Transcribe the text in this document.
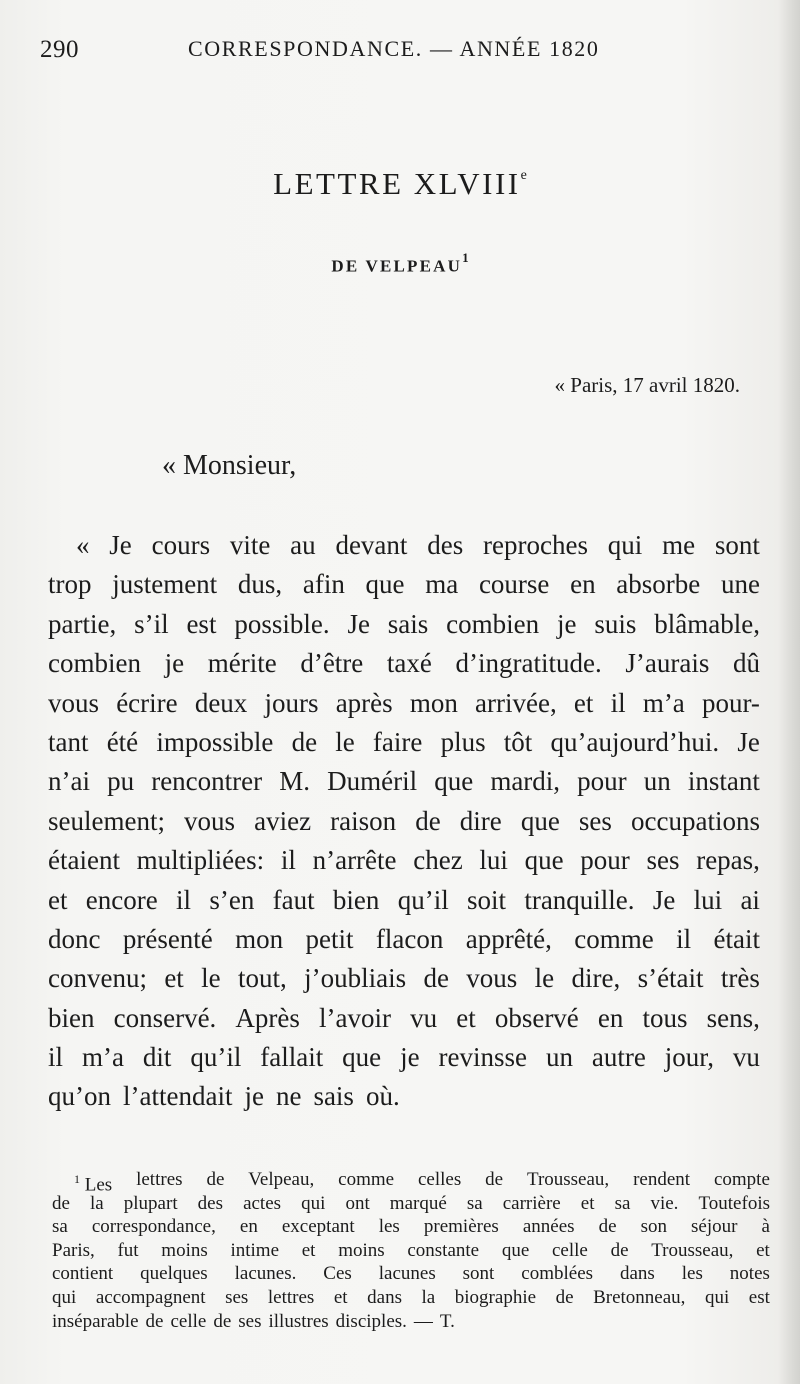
290	CORRESPONDANCE. — ANNÉE 1820
LETTRE XLVIIIe
DE VELPEAU$^1$
« Paris, 17 avril 1820.
« Monsieur,
« Je cours vite au devant des reproches qui me sont
trop justement dus, afin que ma course en absorbe une
partie, s’il est possible. Je sais combien je suis blâmable,
combien je mérite d’être taxé d’ingratitude. J’aurais dû
vous écrire deux jours après mon arrivée, et il m’a pour-
tant été impossible de le faire plus tôt qu’aujourd’hui. Je
n’ai pu rencontrer M. Duméril que mardi, pour un instant
seulement; vous aviez raison de dire que ses occupations
étaient multipliées: il n’arrête chez lui que pour ses repas,
et encore il s’en faut bien qu’il soit tranquille. Je lui ai
donc présenté mon petit flacon apprêté, comme il était
convenu; et le tout, j’oubliais de vous le dire, s’était très
bien conservé. Après l’avoir vu et observé en tous sens,
il m’a dit qu’il fallait que je revinsse un autre jour, vu
qu’on l’attendait je ne sais où.
$^1$ Les lettres de Velpeau, comme celles de Trousseau, rendent compte
de la plupart des actes qui ont marqué sa carrière et sa vie. Toutefois
sa correspondance, en exceptant les premières années de son séjour à
Paris, fut moins intime et moins constante que celle de Trousseau, et
contient quelques lacunes. Ces lacunes sont comblées dans les notes
qui accompagnent ses lettres et dans la biographie de Bretonneau, qui est
inséparable de celle de ses illustres disciples. — T.
